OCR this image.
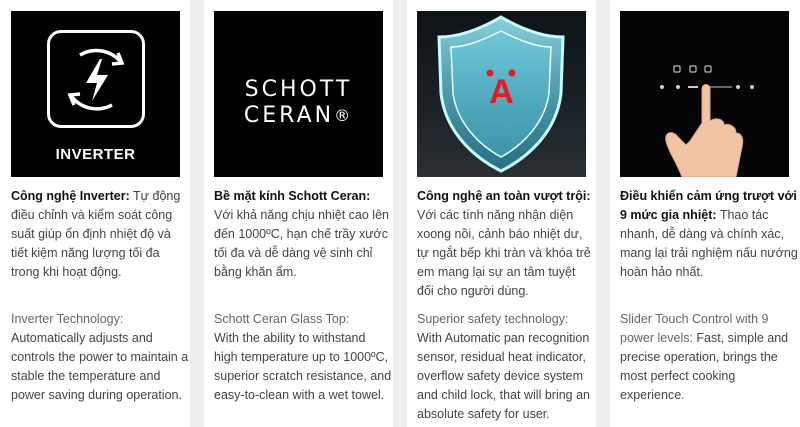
INVERTER
Công nghệ Inverter: Tự động điều chỉnh và kiểm soát công suất giúp ổn định nhiệt độ và tiết kiệm năng lượng tối đa trong khi hoạt động.
Inverter Technology:
Automatically adjusts and controls the power to maintain a stable the temperature and power saving during operation.
SCHOTT
CERAN®
Bề mặt kính Schott Ceran:
Với khả năng chịu nhiệt cao lên đến 1000ºC, hạn chế trầy xước tối đa và dễ dàng vệ sinh chỉ bằng khăn ẩm.
Schott Ceran Glass Top:
With the ability to withstand high temperature up to 1000ºC, superior scratch resistance, and easy-to-clean with a wet towel.
A
Công nghệ an toàn vượt trội:
Với các tính năng nhận diện xoong nồi, cảnh báo nhiệt dư, tự ngắt bếp khi tràn và khóa trẻ em mang lại sự an tâm tuyệt đối cho người dùng.
Superior safety technology:
With Automatic pan recognition sensor, residual heat indicator, overflow safety device system and child lock, that will bring an absolute safety for user.
Điều khiển cảm ứng trượt với 9 mức gia nhiệt: Thao tác nhanh, dễ dàng và chính xác, mang lại trải nghiệm nấu nướng hoàn hảo nhất.
Slider Touch Control with 9 power levels: Fast, simple and precise operation, brings the most perfect cooking experience.
